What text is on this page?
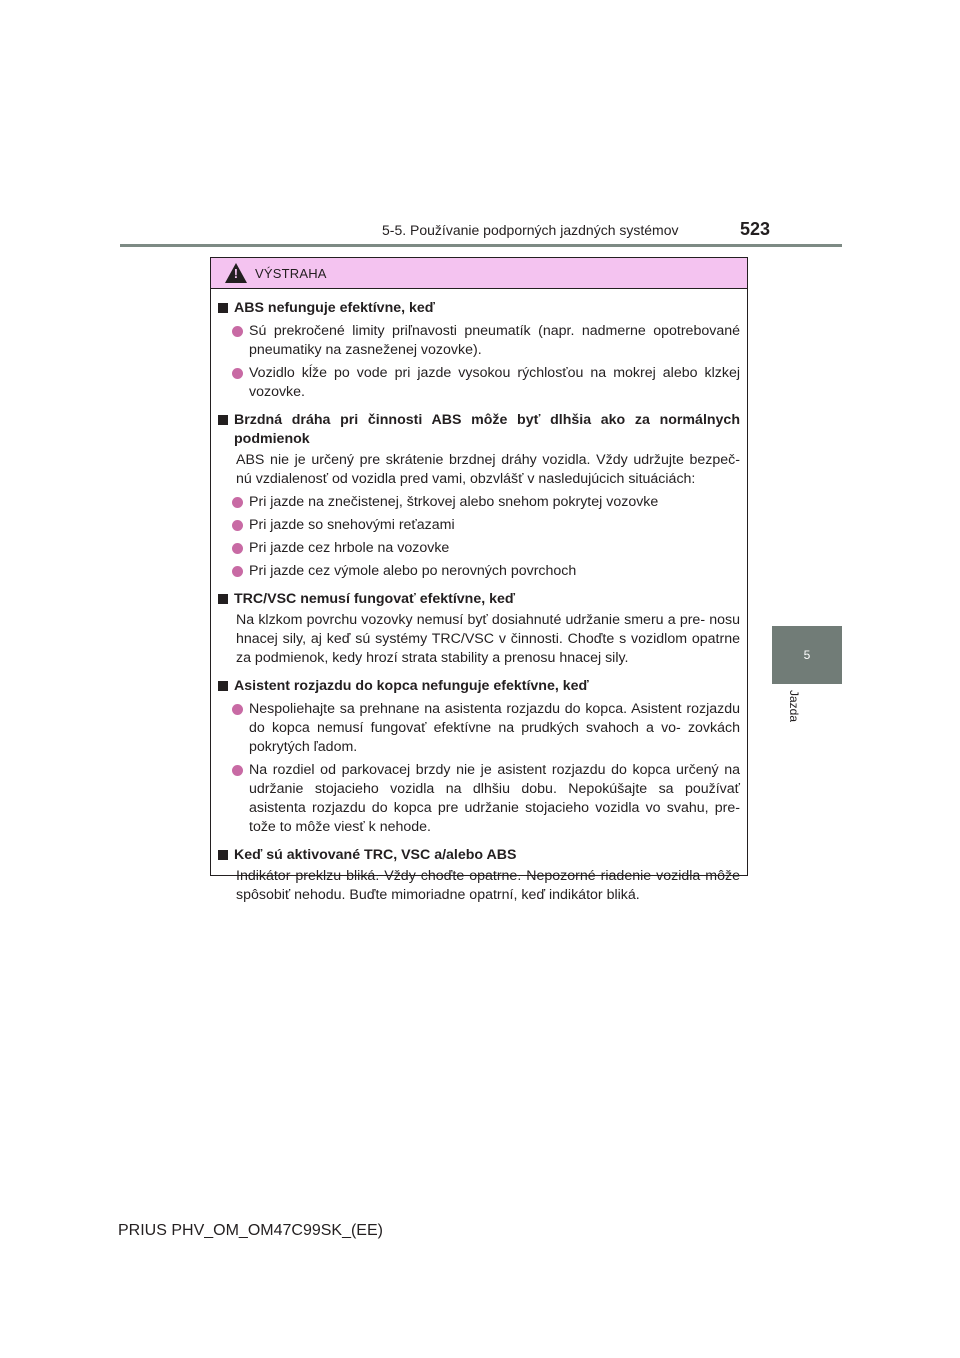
5-5. Používanie podporných jazdných systémov	523
5
Jazda
! VÝSTRAHA
ABS nefunguje efektívne, keď
Sú prekročené limity priľnavosti pneumatík (napr. nadmerne opotrebované pneumatiky na zasneženej vozovke).
Vozidlo kĺže po vode pri jazde vysokou rýchlosťou na mokrej alebo klzkej vozovke.
Brzdná dráha pri činnosti ABS môže byť dlhšia ako za normálnych podmienok
ABS nie je určený pre skrátenie brzdnej dráhy vozidla. Vždy udržujte bezpeč- nú vzdialenosť od vozidla pred vami, obzvlášť v nasledujúcich situáciách:
Pri jazde na znečistenej, štrkovej alebo snehom pokrytej vozovke
Pri jazde so snehovými reťazami
Pri jazde cez hrbole na vozovke
Pri jazde cez výmole alebo po nerovných povrchoch
TRC/VSC nemusí fungovať efektívne, keď
Na klzkom povrchu vozovky nemusí byť dosiahnuté udržanie smeru a pre- nosu hnacej sily, aj keď sú systémy TRC/VSC v činnosti. Choďte s vozidlom opatrne za podmienok, kedy hrozí strata stability a prenosu hnacej sily.
Asistent rozjazdu do kopca nefunguje efektívne, keď
Nespoliehajte sa prehnane na asistenta rozjazdu do kopca. Asistent rozjazdu do kopca nemusí fungovať efektívne na prudkých svahoch a vo- zovkách pokrytých ľadom.
Na rozdiel od parkovacej brzdy nie je asistent rozjazdu do kopca určený na udržanie stojacieho vozidla na dlhšiu dobu. Nepokúšajte sa používať asistenta rozjazdu do kopca pre udržanie stojacieho vozidla vo svahu, pre- tože to môže viesť k nehode.
Keď sú aktivované TRC, VSC a/alebo ABS
Indikátor preklzu bliká. Vždy choďte opatrne. Nepozorné riadenie vozidla môže spôsobiť nehodu. Buďte mimoriadne opatrní, keď indikátor bliká.
PRIUS PHV_OM_OM47C99SK_(EE)
